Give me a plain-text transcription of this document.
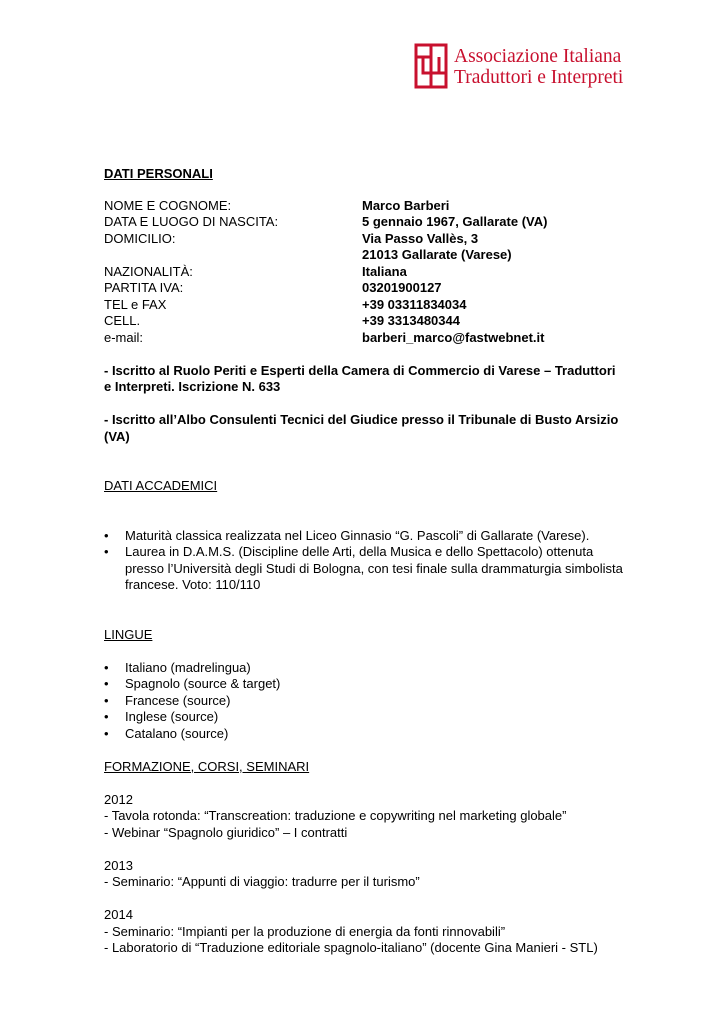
Associazione Italiana
Traduttori e Interpreti
DATI PERSONALI
NOME E COGNOME:	Marco Barberi
DATA E LUOGO DI NASCITA:	5 gennaio 1967, Gallarate (VA)
DOMICILIO:	Via Passo Vallès, 3
21013 Gallarate (Varese)
NAZIONALITÀ:	Italiana
PARTITA IVA:	03201900127
TEL e FAX	+39 03311834034
CELL.	+39 3313480344
e-mail:	barberi_marco@fastwebnet.it
- Iscritto al Ruolo Periti e Esperti della Camera di Commercio di Varese – Traduttori e Interpreti. Iscrizione N. 633
- Iscritto all’Albo Consulenti Tecnici del Giudice presso il Tribunale di Busto Arsizio (VA)
DATI ACCADEMICI
• Maturità classica realizzata nel Liceo Ginnasio “G. Pascoli” di Gallarate (Varese).
• Laurea in D.A.M.S. (Discipline delle Arti, della Musica e dello Spettacolo) ottenuta presso l’Università degli Studi di Bologna, con tesi finale sulla drammaturgia simbolista francese. Voto: 110/110
LINGUE
• Italiano (madrelingua)
• Spagnolo (source & target)
• Francese (source)
• Inglese (source)
• Catalano (source)
FORMAZIONE, CORSI, SEMINARI
2012
- Tavola rotonda: “Transcreation: traduzione e copywriting nel marketing globale”
- Webinar “Spagnolo giuridico” – I contratti
2013
- Seminario: “Appunti di viaggio: tradurre per il turismo”
2014
- Seminario: “Impianti per la produzione di energia da fonti rinnovabili”
- Laboratorio di “Traduzione editoriale spagnolo-italiano” (docente Gina Manieri - STL)
